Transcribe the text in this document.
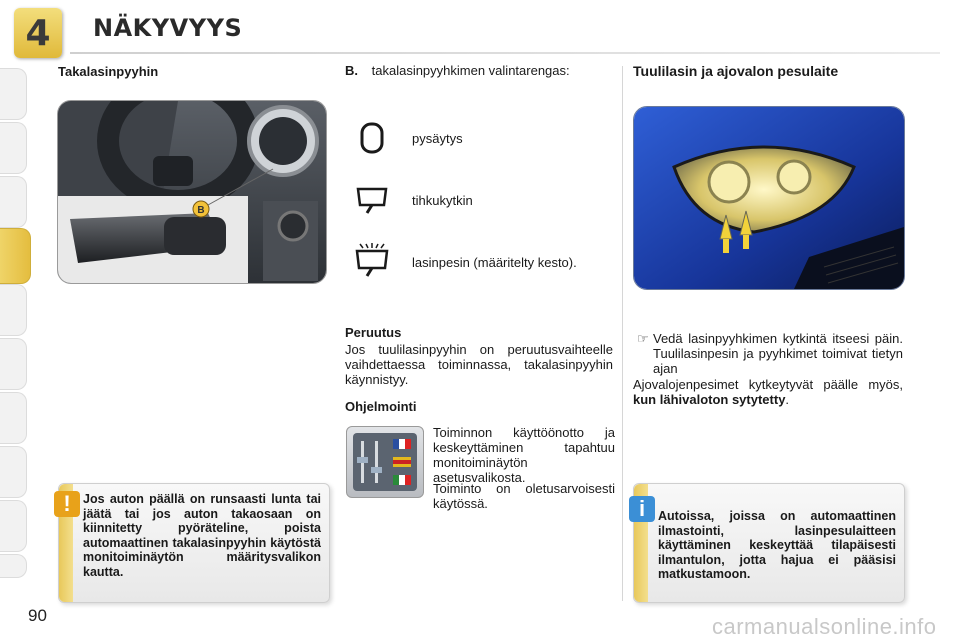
4 NÄKYVYYS
Takalasinpyyhin
B
Jos auton päällä on runsaasti lunta tai jäätä tai jos auton takaosaan on kiinnitetty pyöräteline, poista automaattinen takalasinpyyhin käytöstä monitoiminäytön määritysvalikon kautta.
!
B. takalasinpyyhkimen valintarengas:
pysäytys
tihkukytkin
lasinpesin (määritelty kesto).
Peruutus
Jos tuulilasinpyyhin on peruutusvaihteelle vaihdettaessa toiminnassa, takalasinpyyhin käynnistyy.
Ohjelmointi
Toiminnon käyttöönotto ja keskeyttäminen tapahtuu monitoiminäytön asetusvalikosta.
Toiminto on oletusarvoisesti käytössä.
Tuulilasin ja ajovalon pesulaite
☞ Vedä lasinpyyhkimen kytkintä itseesi päin. Tuulilasinpesin ja pyyhkimet toimivat tietyn ajan
Ajovalojenpesimet kytkeytyvät päälle myös, kun lähivaloton sytytetty.
Autoissa, joissa on automaattinen ilmastointi, lasinpesulaitteen käyttäminen keskeyttää tilapäisesti ilmantulon, jotta hajua ei pääsisi matkustamoon.
i
90	carmanualsonline.info
